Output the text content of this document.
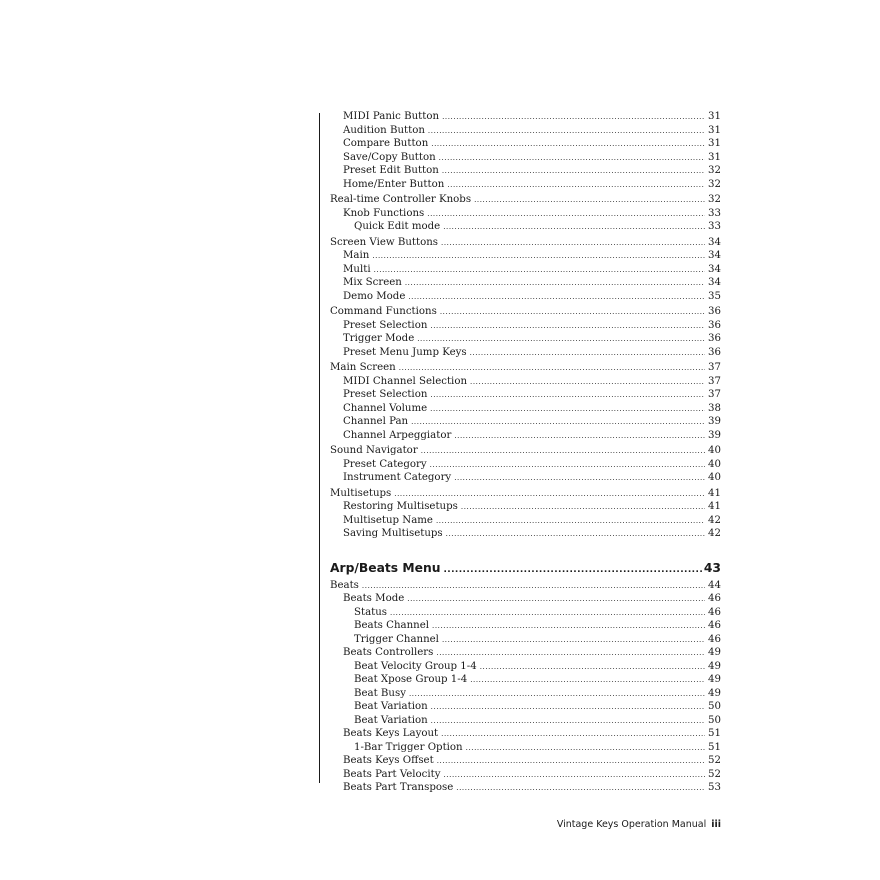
MIDI Panic Button .....	31
Audition Button .....	31
Compare Button .....	31
Save/Copy Button .....	31
Preset Edit Button .....	32
Home/Enter Button .....	32
Real-time Controller Knobs .....	32
Knob Functions .....	33
Quick Edit mode .....	33
Screen View Buttons .....	34
Main .....	34
Multi .....	34
Mix Screen .....	34
Demo Mode .....	35
Command Functions .....	36
Preset Selection .....	36
Trigger Mode .....	36
Preset Menu Jump Keys .....	36
Main Screen .....	37
MIDI Channel Selection .....	37
Preset Selection .....	37
Channel Volume .....	38
Channel Pan .....	39
Channel Arpeggiator .....	39
Sound Navigator .....	40
Preset Category .....	40
Instrument Category .....	40
Multisetups .....	41
Restoring Multisetups .....	41
Multisetup Name .....	42
Saving Multisetups .....	42
Arp/Beats Menu .....	43
Beats .....	44
Beats Mode .....	46
Status .....	46
Beats Channel .....	46
Trigger Channel .....	46
Beats Controllers .....	49
Beat Velocity Group 1-4 .....	49
Beat Xpose Group 1-4 .....	49
Beat Busy .....	49
Beat Variation .....	50
Beat Variation .....	50
Beats Keys Layout .....	51
1-Bar Trigger Option .....	51
Beats Keys Offset .....	52
Beats Part Velocity .....	52
Beats Part Transpose .....	53
Vintage Keys Operation Manual iii
